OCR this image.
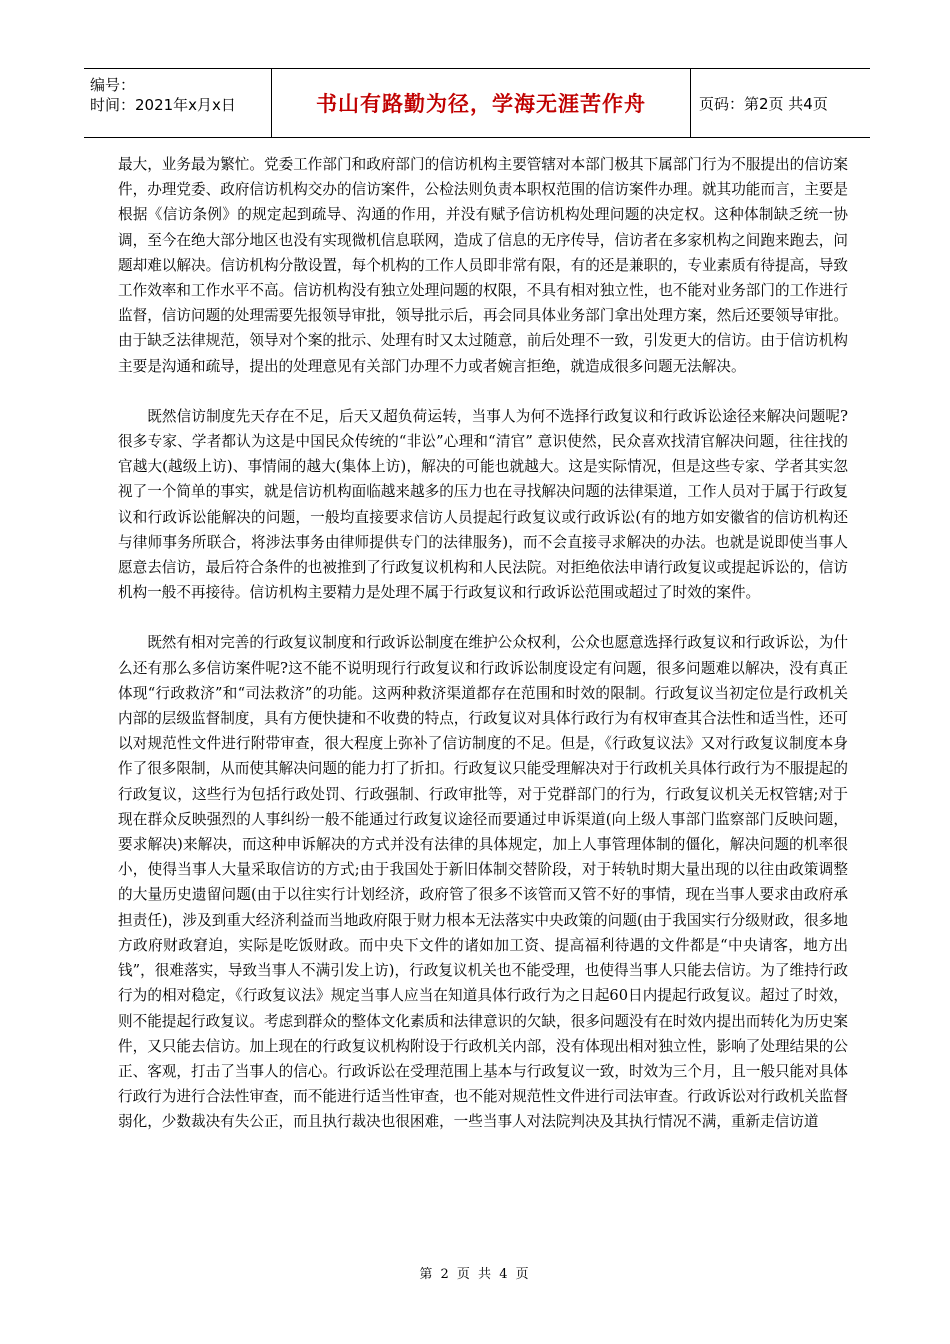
编号：
时间：2021年x月x日	书山有路勤为径，学海无涯苦作舟	页码：第2页 共4页

最大，业务最为繁忙。党委工作部门和政府部门的信访机构主要管辖对本部门极其下属部门行为不服提出的信访案件，办理党委、政府信访机构交办的信访案件，公检法则负责本职权范围的信访案件办理。就其功能而言，主要是根据《信访条例》的规定起到疏导、沟通的作用，并没有赋予信访机构处理问题的决定权。这种体制缺乏统一协调，至今在绝大部分地区也没有实现微机信息联网，造成了信息的无序传导，信访者在多家机构之间跑来跑去，问题却难以解决。信访机构分散设置，每个机构的工作人员即非常有限，有的还是兼职的，专业素质有待提高，导致工作效率和工作水平不高。信访机构没有独立处理问题的权限，不具有相对独立性，也不能对业务部门的工作进行监督，信访问题的处理需要先报领导审批，领导批示后，再会同具体业务部门拿出处理方案，然后还要领导审批。由于缺乏法律规范，领导对个案的批示、处理有时又太过随意，前后处理不一致，引发更大的信访。由于信访机构主要是沟通和疏导，提出的处理意见有关部门办理不力或者婉言拒绝，就造成很多问题无法解决。

既然信访制度先天存在不足，后天又超负荷运转，当事人为何不选择行政复议和行政诉讼途径来解决问题呢?很多专家、学者都认为这是中国民众传统的“非讼”心理和“清官” 意识使然，民众喜欢找清官解决问题，往往找的官越大(越级上访)、事情闹的越大(集体上访)，解决的可能也就越大。这是实际情况，但是这些专家、学者其实忽视了一个简单的事实，就是信访机构面临越来越多的压力也在寻找解决问题的法律渠道，工作人员对于属于行政复议和行政诉讼能解决的问题，一般均直接要求信访人员提起行政复议或行政诉讼(有的地方如安徽省的信访机构还与律师事务所联合，将涉法事务由律师提供专门的法律服务)，而不会直接寻求解决的办法。也就是说即使当事人愿意去信访，最后符合条件的也被推到了行政复议机构和人民法院。对拒绝依法申请行政复议或提起诉讼的，信访机构一般不再接待。信访机构主要精力是处理不属于行政复议和行政诉讼范围或超过了时效的案件。

既然有相对完善的行政复议制度和行政诉讼制度在维护公众权利，公众也愿意选择行政复议和行政诉讼，为什么还有那么多信访案件呢?这不能不说明现行行政复议和行政诉讼制度设定有问题，很多问题难以解决，没有真正体现“行政救济”和“司法救济”的功能。这两种救济渠道都存在范围和时效的限制。行政复议当初定位是行政机关内部的层级监督制度，具有方便快捷和不收费的特点，行政复议对具体行政行为有权审查其合法性和适当性，还可以对规范性文件进行附带审查，很大程度上弥补了信访制度的不足。但是，《行政复议法》又对行政复议制度本身作了很多限制，从而使其解决问题的能力打了折扣。行政复议只能受理解决对于行政机关具体行政行为不服提起的行政复议，这些行为包括行政处罚、行政强制、行政审批等，对于党群部门的行为，行政复议机关无权管辖;对于现在群众反映强烈的人事纠纷一般不能通过行政复议途径而要通过申诉渠道(向上级人事部门监察部门反映问题，要求解决)来解决，而这种申诉解决的方式并没有法律的具体规定，加上人事管理体制的僵化，解决问题的机率很小，使得当事人大量采取信访的方式;由于我国处于新旧体制交替阶段，对于转轨时期大量出现的以往由政策调整的大量历史遗留问题(由于以往实行计划经济，政府管了很多不该管而又管不好的事情，现在当事人要求由政府承担责任)，涉及到重大经济利益而当地政府限于财力根本无法落实中央政策的问题(由于我国实行分级财政，很多地方政府财政窘迫，实际是吃饭财政。而中央下文件的诸如加工资、提高福利待遇的文件都是“中央请客，地方出钱”，很难落实，导致当事人不满引发上访)，行政复议机关也不能受理，也使得当事人只能去信访。为了维持行政行为的相对稳定，《行政复议法》规定当事人应当在知道具体行政行为之日起60日内提起行政复议。超过了时效，则不能提起行政复议。考虑到群众的整体文化素质和法律意识的欠缺，很多问题没有在时效内提出而转化为历史案件，又只能去信访。加上现在的行政复议机构附设于行政机关内部，没有体现出相对独立性，影响了处理结果的公正、客观，打击了当事人的信心。行政诉讼在受理范围上基本与行政复议一致，时效为三个月，且一般只能对具体行政行为进行合法性审查，而不能进行适当性审查，也不能对规范性文件进行司法审查。行政诉讼对行政机关监督弱化，少数裁决有失公正，而且执行裁决也很困难，一些当事人对法院判决及其执行情况不满，重新走信访道

第 2 页 共 4 页
